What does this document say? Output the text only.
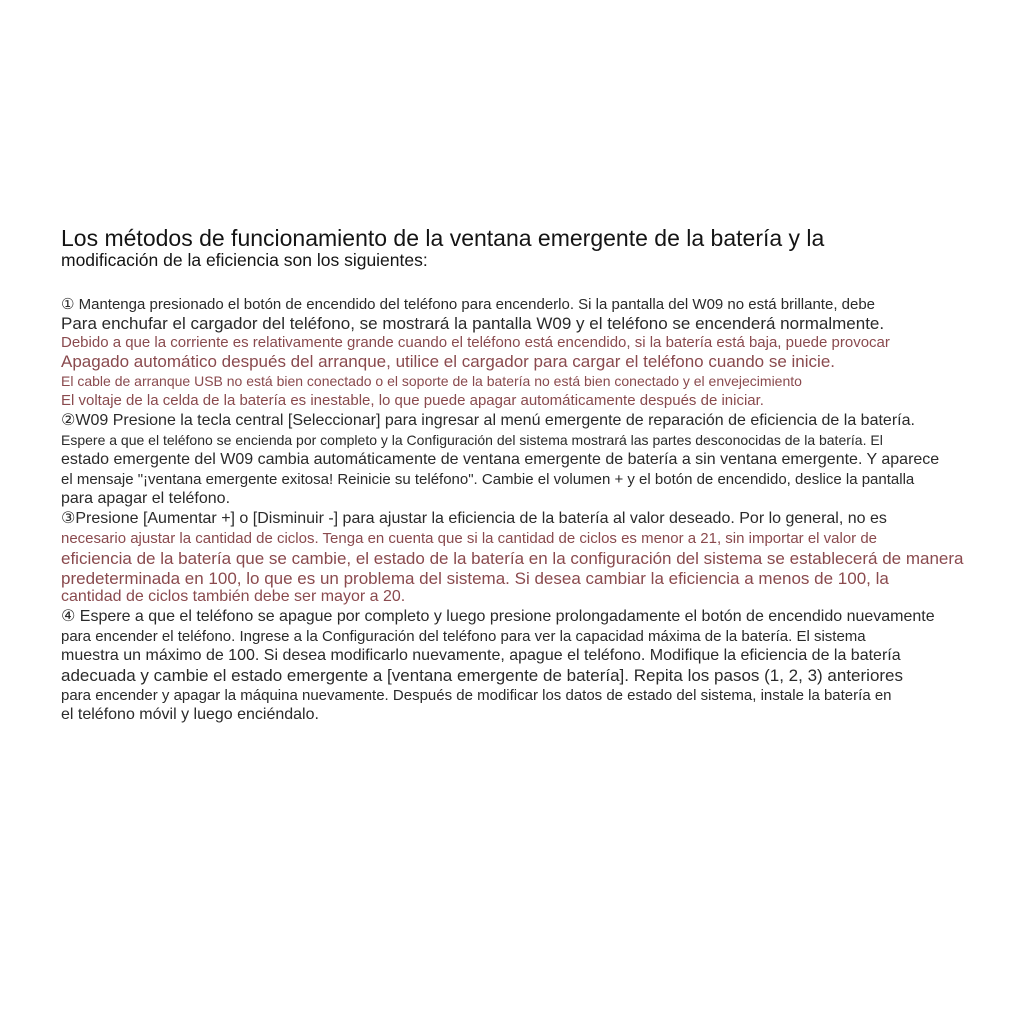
Los métodos de funcionamiento de la ventana emergente de la batería y la

modificación de la eficiencia son los siguientes:

① Mantenga presionado el botón de encendido del teléfono para encenderlo. Si la pantalla del W09 no está brillante, debe

Para enchufar el cargador del teléfono, se mostrará la pantalla W09 y el teléfono se encenderá normalmente.

Debido a que la corriente es relativamente grande cuando el teléfono está encendido, si la batería está baja, puede provocar

Apagado automático después del arranque, utilice el cargador para cargar el teléfono cuando se inicie.

El cable de arranque USB no está bien conectado o el soporte de la batería no está bien conectado y el envejecimiento

El voltaje de la celda de la batería es inestable, lo que puede apagar automáticamente después de iniciar.

②W09 Presione la tecla central [Seleccionar] para ingresar al menú emergente de reparación de eficiencia de la batería.

Espere a que el teléfono se encienda por completo y la Configuración del sistema mostrará las partes desconocidas de la batería. El

estado emergente del W09 cambia automáticamente de ventana emergente de batería a sin ventana emergente. Y aparece

el mensaje "¡ventana emergente exitosa! Reinicie su teléfono". Cambie el volumen + y el botón de encendido, deslice la pantalla

para apagar el teléfono.

③Presione [Aumentar +] o [Disminuir -] para ajustar la eficiencia de la batería al valor deseado. Por lo general, no es

necesario ajustar la cantidad de ciclos. Tenga en cuenta que si la cantidad de ciclos es menor a 21, sin importar el valor de

eficiencia de la batería que se cambie, el estado de la batería en la configuración del sistema se establecerá de manera

predeterminada en 100, lo que es un problema del sistema. Si desea cambiar la eficiencia a menos de 100, la

cantidad de ciclos también debe ser mayor a 20.

④ Espere a que el teléfono se apague por completo y luego presione prolongadamente el botón de encendido nuevamente

para encender el teléfono. Ingrese a la Configuración del teléfono para ver la capacidad máxima de la batería. El sistema

muestra un máximo de 100. Si desea modificarlo nuevamente, apague el teléfono. Modifique la eficiencia de la batería

adecuada y cambie el estado emergente a [ventana emergente de batería]. Repita los pasos (1, 2, 3) anteriores

para encender y apagar la máquina nuevamente. Después de modificar los datos de estado del sistema, instale la batería en

el teléfono móvil y luego enciéndalo.
